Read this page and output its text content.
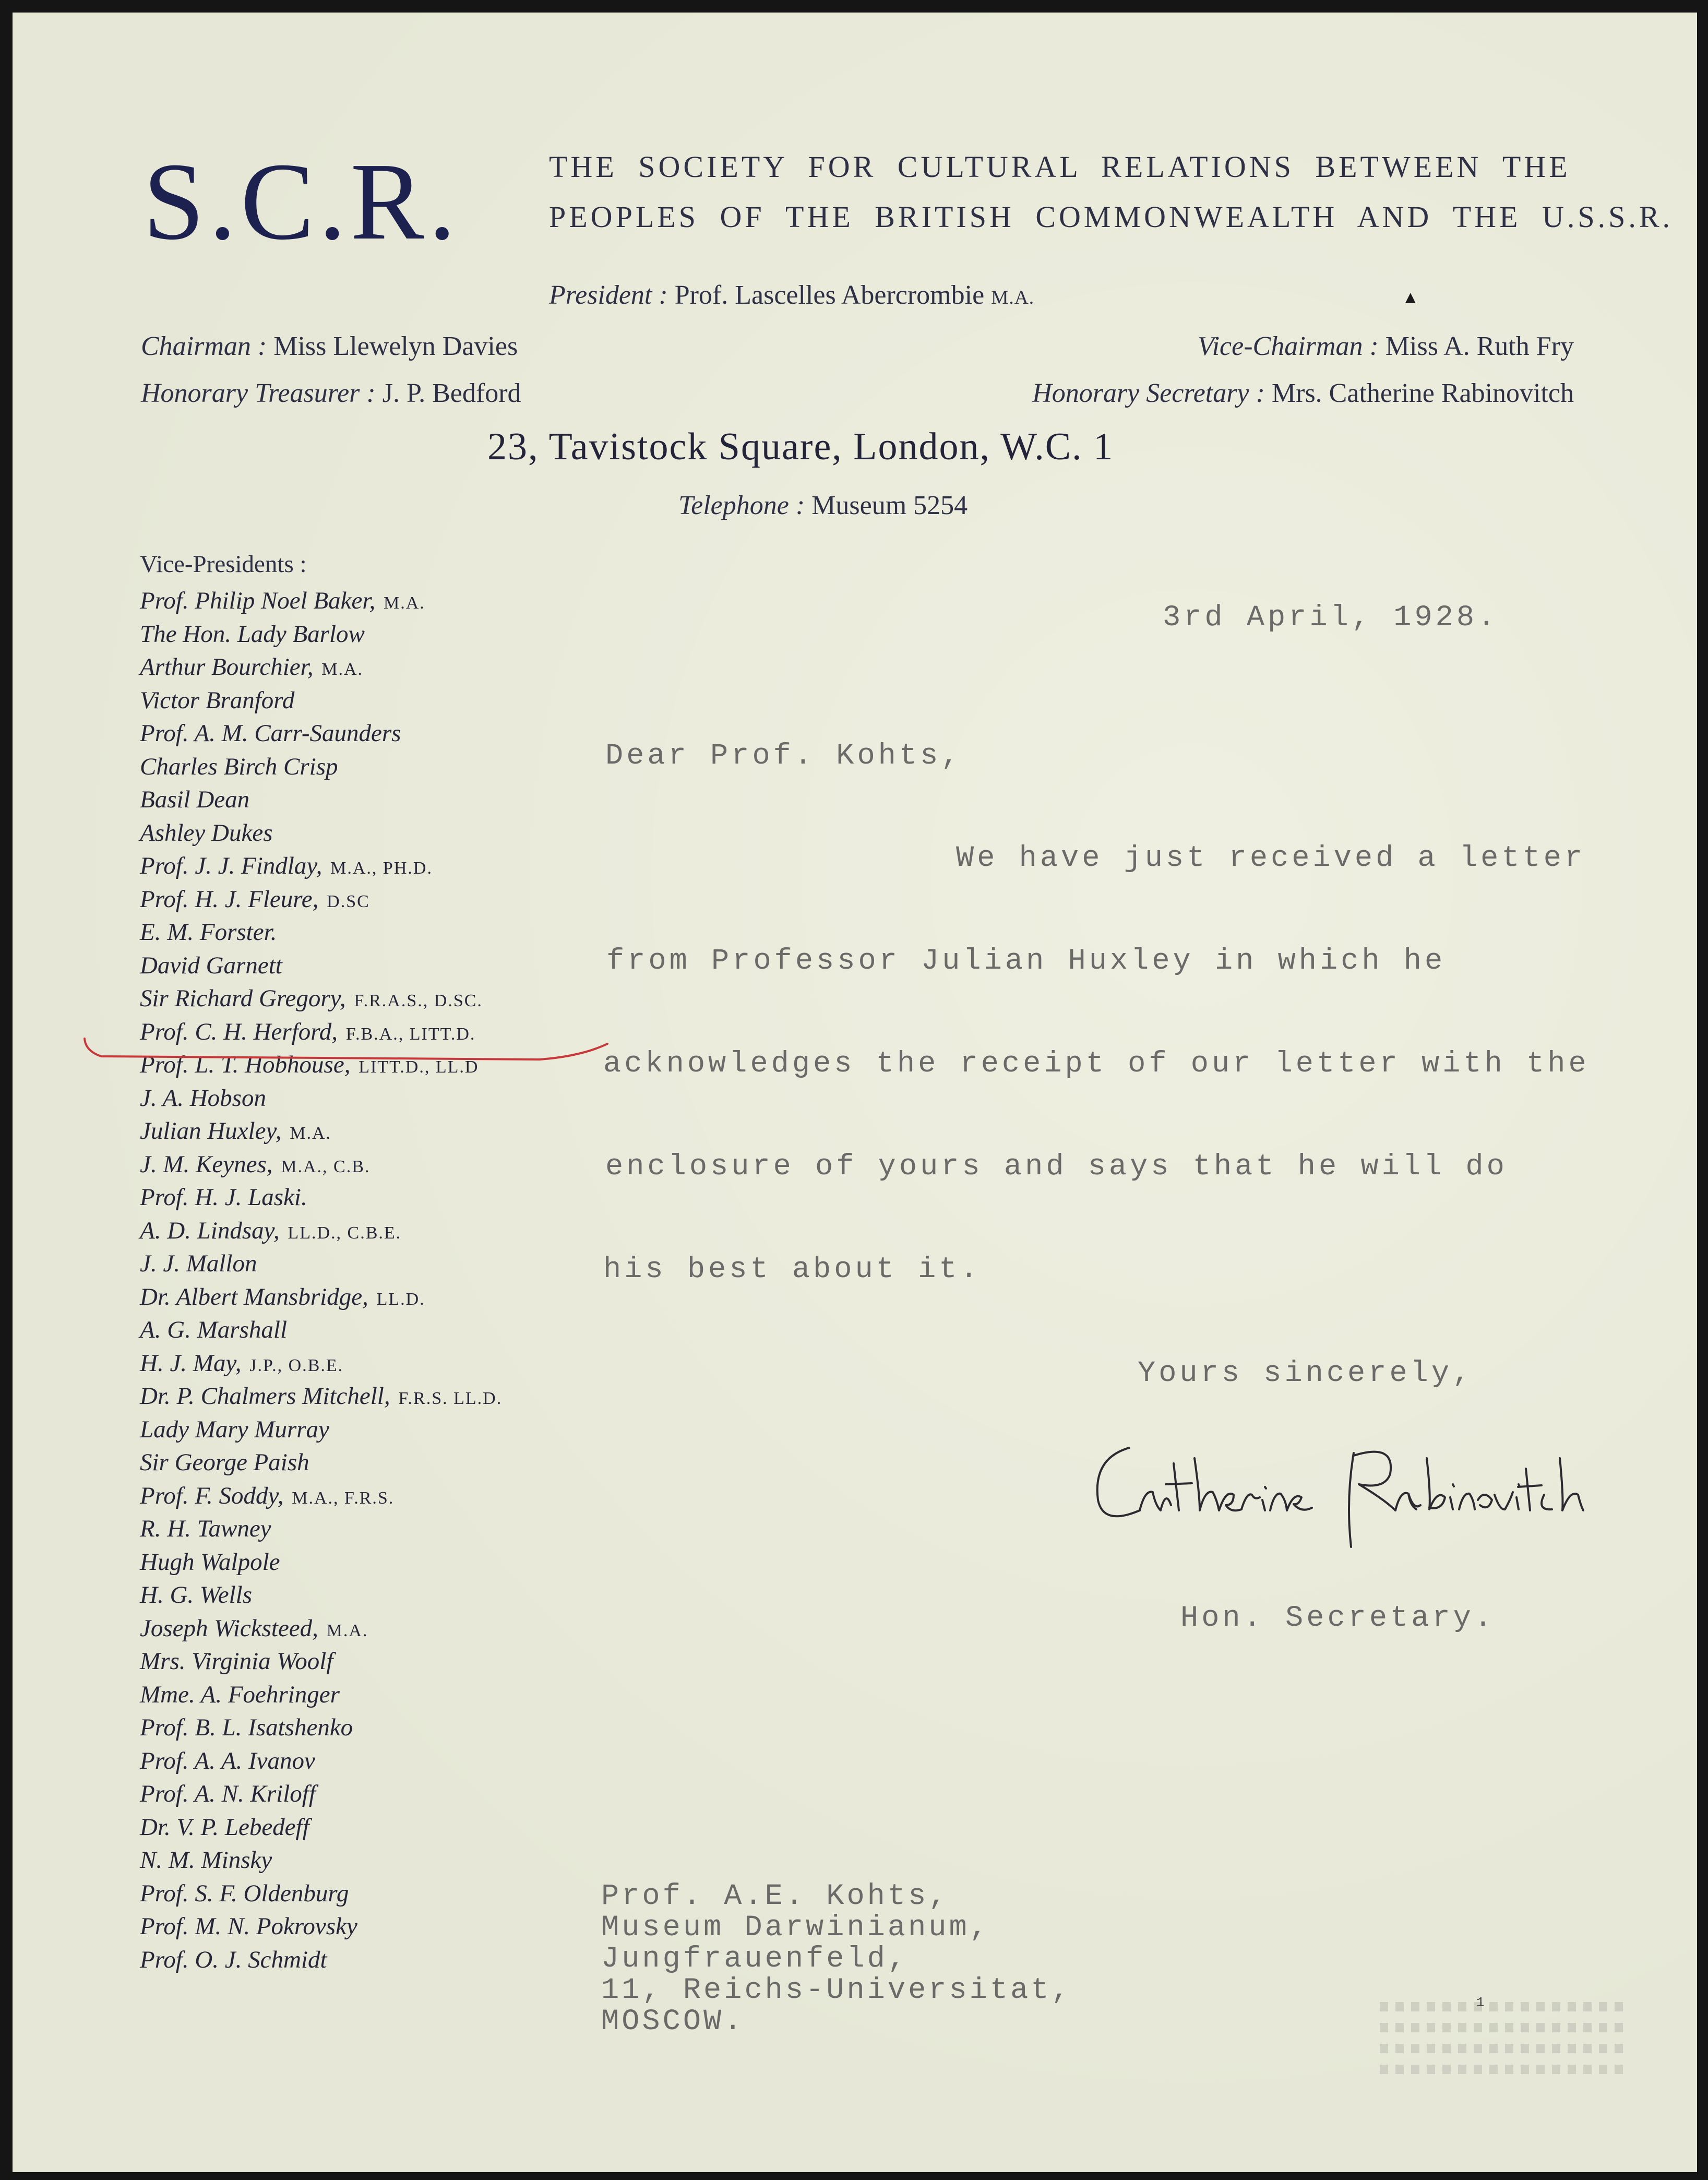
S.C.R.	THE SOCIETY FOR CULTURAL RELATIONS BETWEEN THE
PEOPLES OF THE BRITISH COMMONWEALTH AND THE U.S.S.R.
President : Prof. Lascelles Abercrombie M.A.	▲
Chairman : Miss Llewelyn Davies	Vice-Chairman : Miss A. Ruth Fry
Honorary Treasurer : J. P. Bedford	Honorary Secretary : Mrs. Catherine Rabinovitch
23, Tavistock Square, London, W.C. 1
Telephone : Museum 5254
Vice-Presidents :
Prof. Philip Noel Baker, M.A.
The Hon. Lady Barlow
Arthur Bourchier, M.A.
Victor Branford
Prof. A. M. Carr-Saunders
Charles Birch Crisp
Basil Dean
Ashley Dukes
Prof. J. J. Findlay, M.A., PH.D.
Prof. H. J. Fleure, D.SC
E. M. Forster.
David Garnett
Sir Richard Gregory, F.R.A.S., D.SC.
Prof. C. H. Herford, F.B.A., LITT.D.
Prof. L. T. Hobhouse, LITT.D., LL.D
J. A. Hobson
Julian Huxley, M.A.
J. M. Keynes, M.A., C.B.
Prof. H. J. Laski.
A. D. Lindsay, LL.D., C.B.E.
J. J. Mallon
Dr. Albert Mansbridge, LL.D.
A. G. Marshall
H. J. May, J.P., O.B.E.
Dr. P. Chalmers Mitchell, F.R.S. LL.D.
Lady Mary Murray
Sir George Paish
Prof. F. Soddy, M.A., F.R.S.
R. H. Tawney
Hugh Walpole
H. G. Wells
Joseph Wicksteed, M.A.
Mrs. Virginia Woolf
Mme. A. Foehringer
Prof. B. L. Isatshenko
Prof. A. A. Ivanov
Prof. A. N. Kriloff
Dr. V. P. Lebedeff
N. M. Minsky
Prof. S. F. Oldenburg
Prof. M. N. Pokrovsky
Prof. O. J. Schmidt
3rd April, 1928.
Dear Prof. Kohts,
We have just received a letter
from Professor Julian Huxley in which he
acknowledges the receipt of our letter with the
enclosure of yours and says that he will do
his best about it.
Yours sincerely,
Hon. Secretary.
Prof. A.E. Kohts,
Museum Darwinianum,
Jungfrauenfeld,
11, Reichs-Universitat,
MOSCOW.
1
